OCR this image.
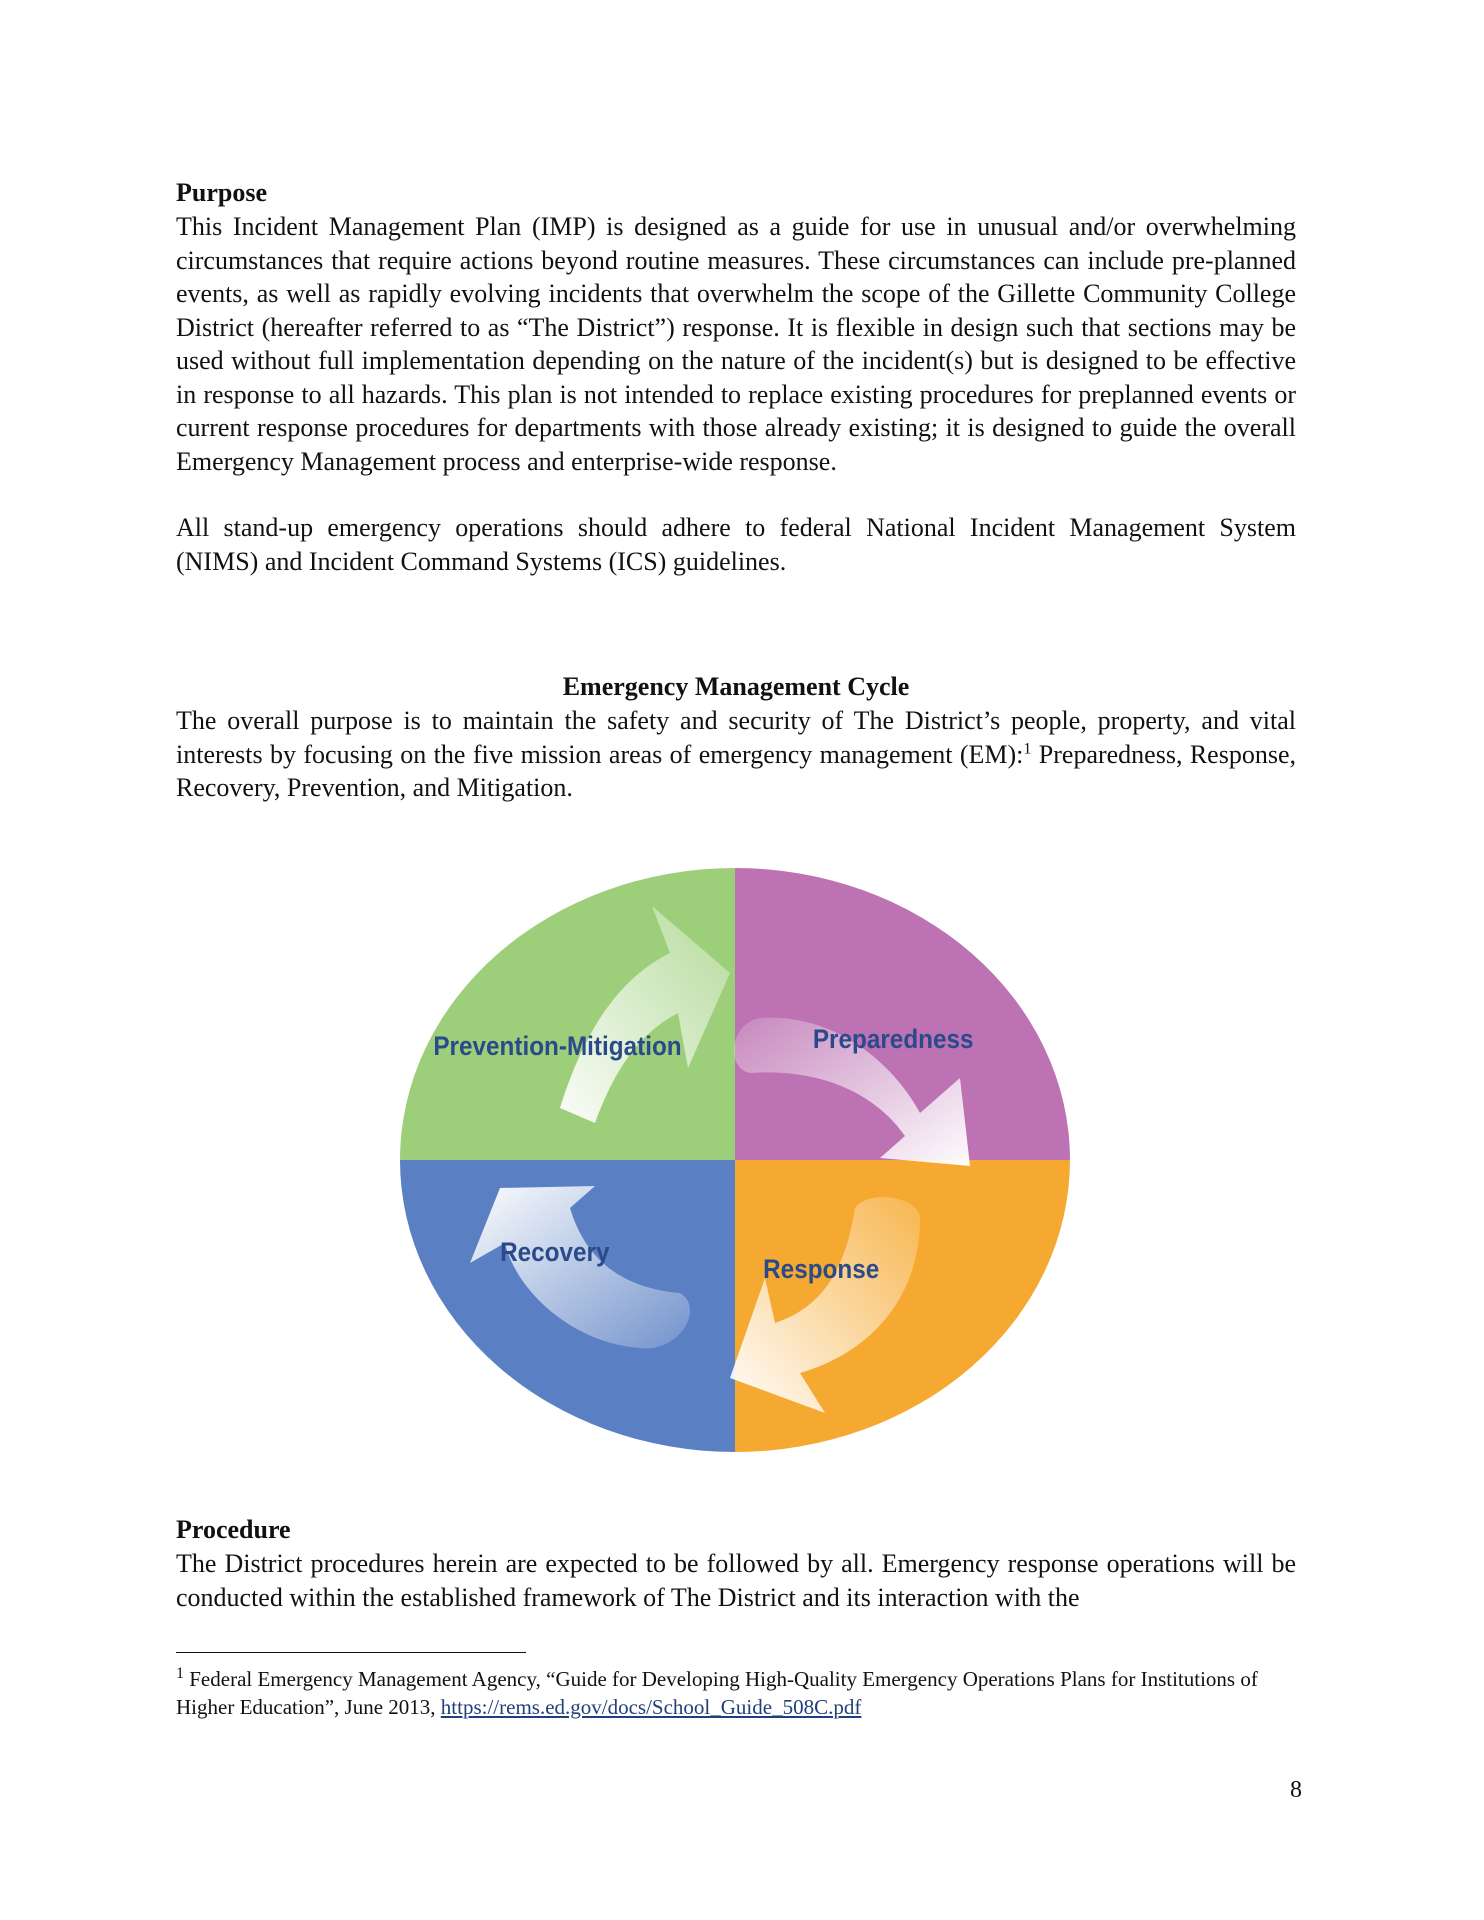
Purpose

This Incident Management Plan (IMP) is designed as a guide for use in unusual and/or overwhelming circumstances that require actions beyond routine measures. These circumstances can include pre-planned events, as well as rapidly evolving incidents that overwhelm the scope of the Gillette Community College District (hereafter referred to as “The District”) response. It is flexible in design such that sections may be used without full implementation depending on the nature of the incident(s) but is designed to be effective in response to all hazards. This plan is not intended to replace existing procedures for preplanned events or current response procedures for departments with those already existing; it is designed to guide the overall Emergency Management process and enterprise-wide response.

All stand-up emergency operations should adhere to federal National Incident Management System (NIMS) and Incident Command Systems (ICS) guidelines.

Emergency Management Cycle

The overall purpose is to maintain the safety and security of The District’s people, property, and vital interests by focusing on the five mission areas of emergency management (EM):$^1$ Preparedness, Response, Recovery, Prevention, and Mitigation.

Prevention-Mitigation	Preparedness
Response
Recovery

Procedure

The District procedures herein are expected to be followed by all. Emergency response operations will be conducted within the established framework of The District and its interaction with the

$^1$ Federal Emergency Management Agency, “Guide for Developing High-Quality Emergency Operations Plans for Institutions of Higher Education”, June 2013, https://rems.ed.gov/docs/School_Guide_508C.pdf

8
